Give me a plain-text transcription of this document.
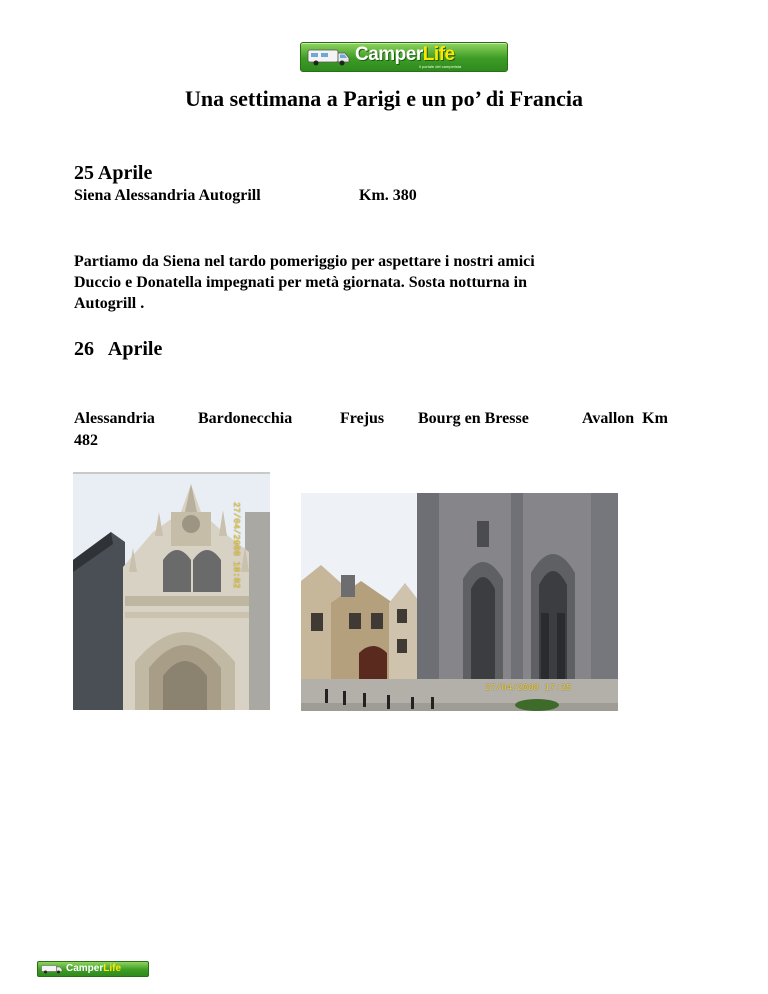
CamperLife
il portale del camperista
Una settimana a Parigi e un po’ di Francia
25 Aprile
Siena Alessandria Autogrill	Km. 380
Partiamo da Siena nel tardo pomeriggio per aspettare i nostri amici
Duccio e Donatella impegnati per metà giornata. Sosta notturna in
Autogrill .
26   Aprile
Alessandria	Bardonecchia	Frejus Bourg en Bresse	Avallon  Km
482
27/04/2008 10:02
27/04/2008 17:25
CamperLife
